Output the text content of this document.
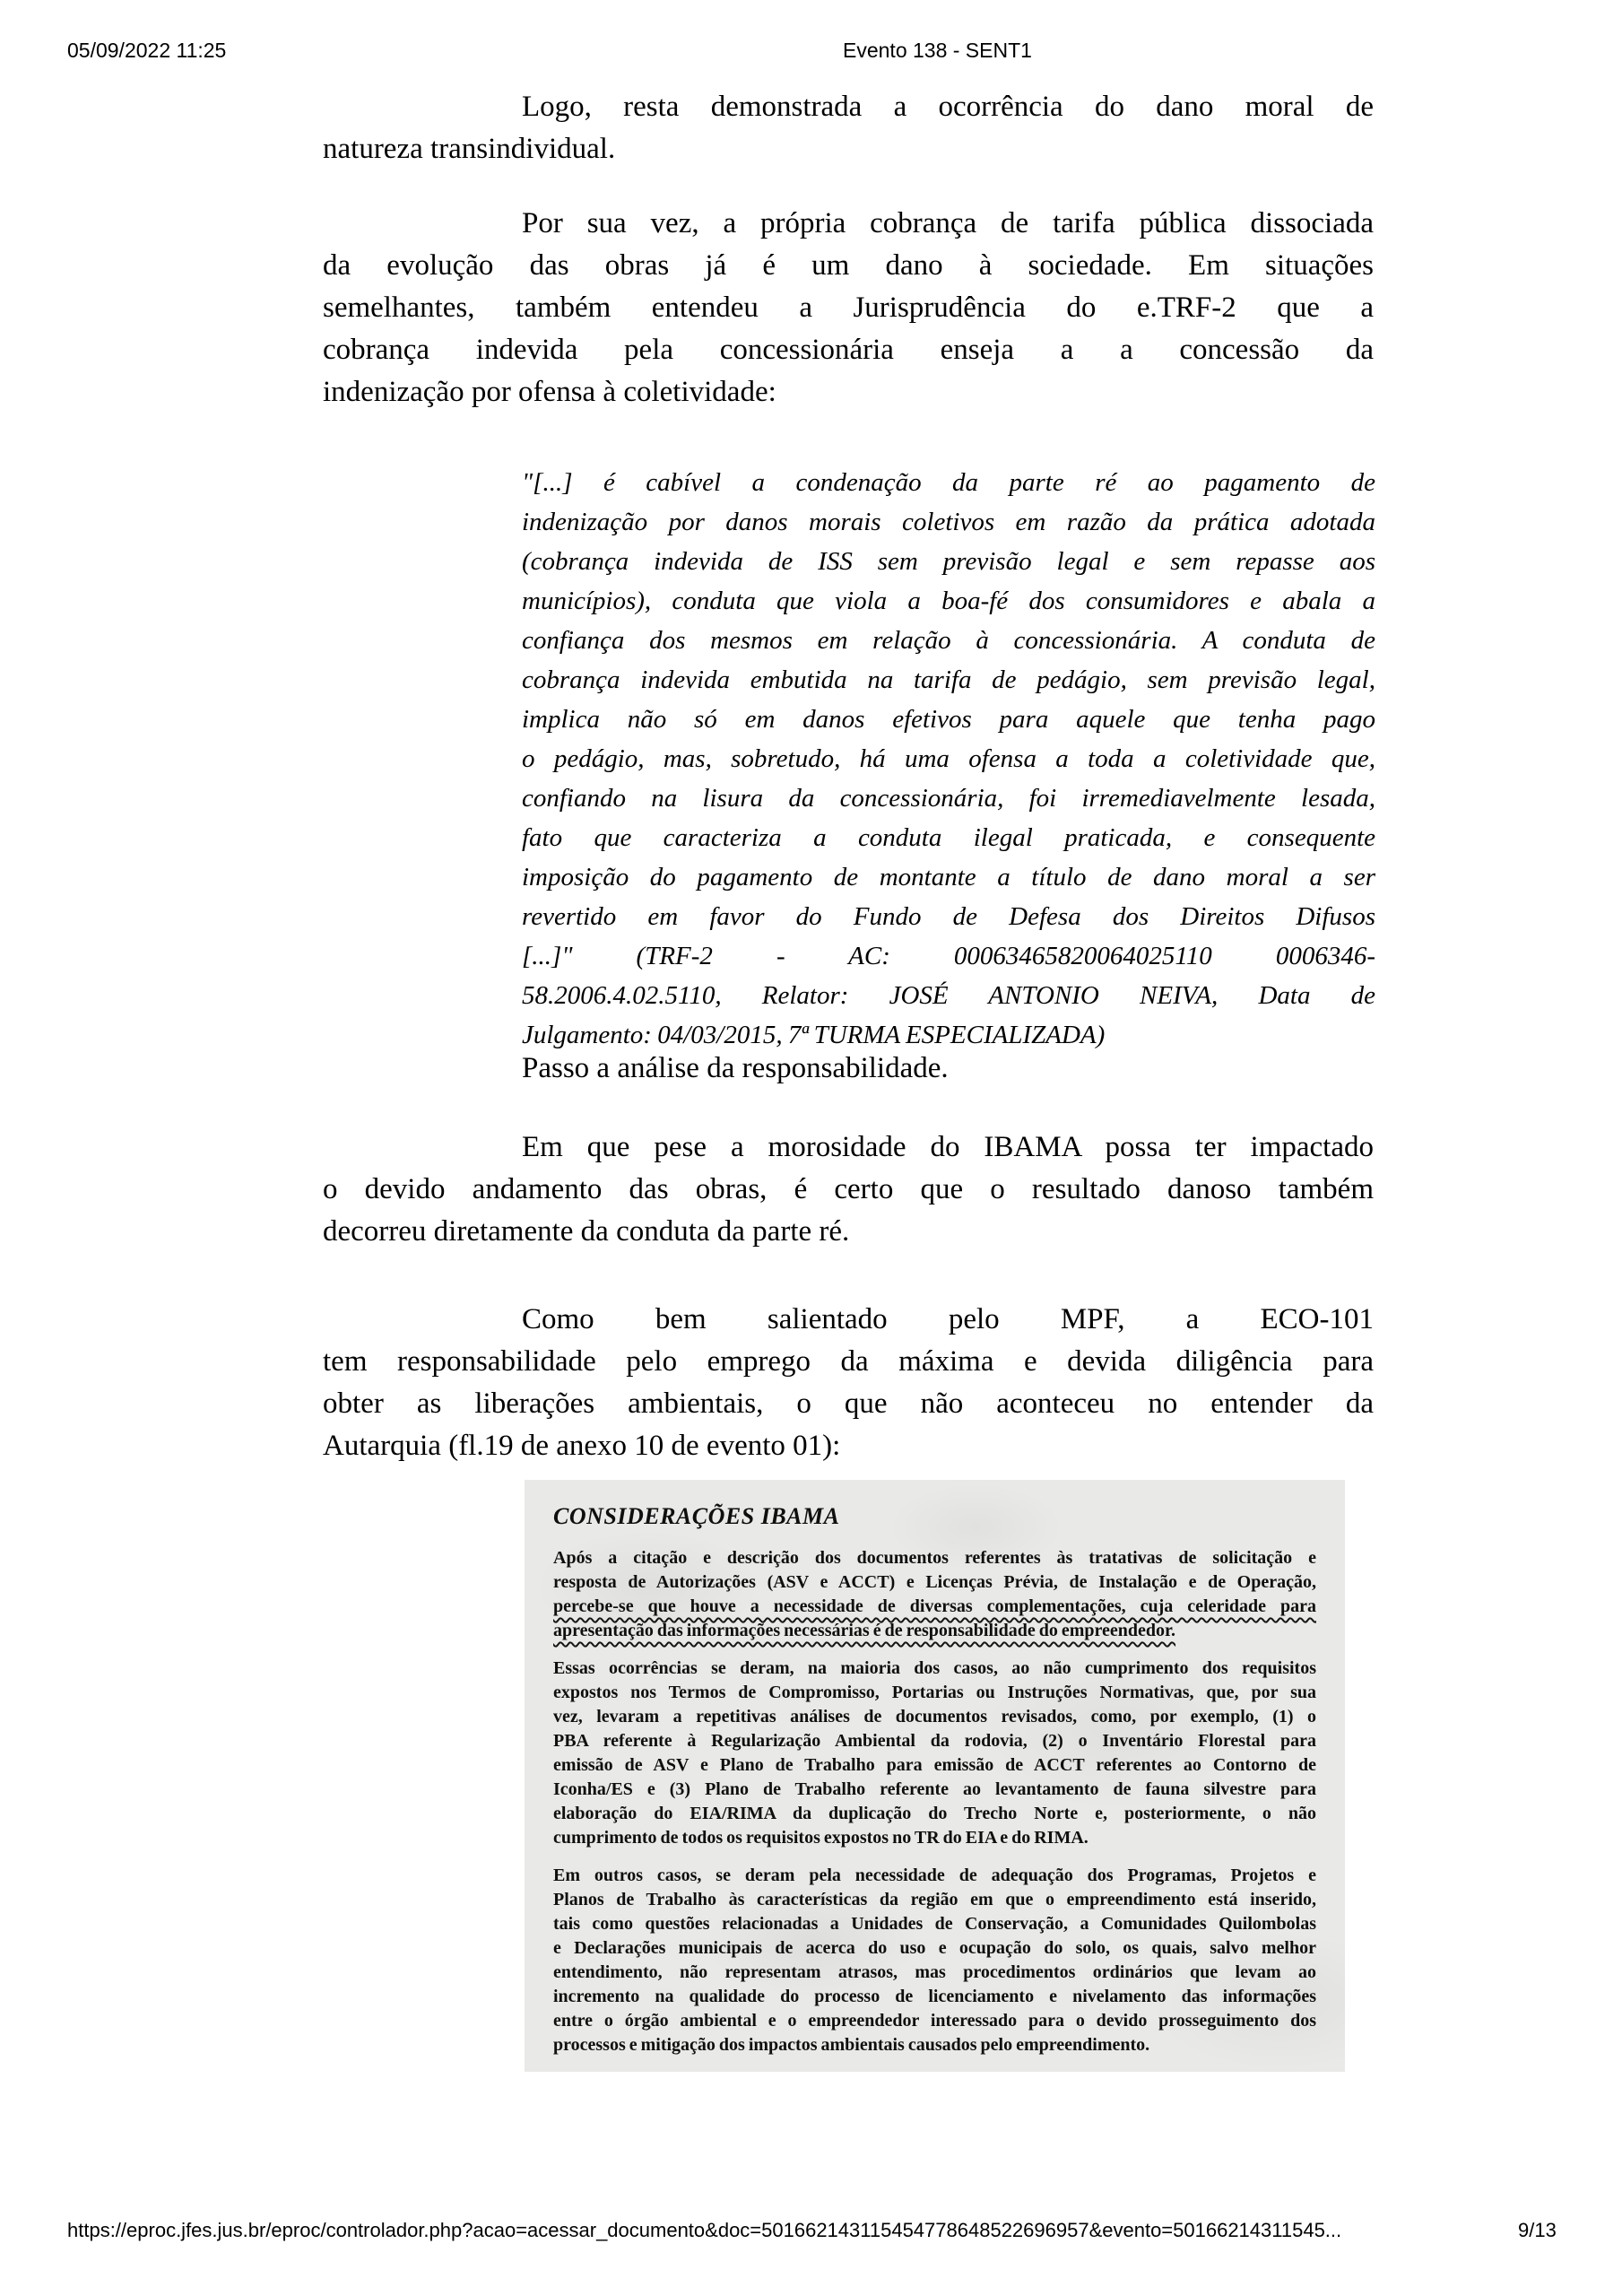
05/09/2022 11:25	Evento 138 - SENT1
Logo, resta demonstrada a ocorrência do dano moral de
natureza transindividual.
Por sua vez, a própria cobrança de tarifa pública dissociada
da evolução das obras já é um dano à sociedade. Em situações
semelhantes, também entendeu a Jurisprudência do e.TRF-2 que a
cobrança indevida pela concessionária enseja a a concessão da
indenização por ofensa à coletividade:
"[...] é cabível a condenação da parte ré ao pagamento de
indenização por danos morais coletivos em razão da prática adotada
(cobrança indevida de ISS sem previsão legal e sem repasse aos
municípios), conduta que viola a boa-fé dos consumidores e abala a
confiança dos mesmos em relação à concessionária. A conduta de
cobrança indevida embutida na tarifa de pedágio, sem previsão legal,
implica não só em danos efetivos para aquele que tenha pago
o pedágio, mas, sobretudo, há uma ofensa a toda a coletividade que,
confiando na lisura da concessionária, foi irremediavelmente lesada,
fato que caracteriza a conduta ilegal praticada, e consequente
imposição do pagamento de montante a título de dano moral a ser
revertido em favor do Fundo de Defesa dos Direitos Difusos
[...]" (TRF-2 - AC: 00063465820064025110 0006346-
58.2006.4.02.5110, Relator: JOSÉ ANTONIO NEIVA, Data de
Julgamento: 04/03/2015, 7ª TURMA ESPECIALIZADA)
Passo a análise da responsabilidade.
Em que pese a morosidade do IBAMA possa ter impactado
o devido andamento das obras, é certo que o resultado danoso também
decorreu diretamente da conduta da parte ré.
Como bem salientado pelo MPF, a ECO-101
tem responsabilidade pelo emprego da máxima e devida diligência para
obter as liberações ambientais, o que não aconteceu no entender da
Autarquia (fl.19 de anexo 10 de evento 01):
CONSIDERAÇÕES IBAMA
Após a citação e descrição dos documentos referentes às tratativas de solicitação e
resposta de Autorizações (ASV e ACCT) e Licenças Prévia, de Instalação e de Operação,
percebe-se que houve a necessidade de diversas complementações, cuja celeridade para
apresentação das informações necessárias é de responsabilidade do empreendedor.
Essas ocorrências se deram, na maioria dos casos, ao não cumprimento dos requisitos
expostos nos Termos de Compromisso, Portarias ou Instruções Normativas, que, por sua
vez, levaram a repetitivas análises de documentos revisados, como, por exemplo, (1) o
PBA referente à Regularização Ambiental da rodovia, (2) o Inventário Florestal para
emissão de ASV e Plano de Trabalho para emissão de ACCT referentes ao Contorno de
Iconha/ES e (3) Plano de Trabalho referente ao levantamento de fauna silvestre para
elaboração do EIA/RIMA da duplicação do Trecho Norte e, posteriormente, o não
cumprimento de todos os requisitos expostos no TR do EIA e do RIMA.
Em outros casos, se deram pela necessidade de adequação dos Programas, Projetos e
Planos de Trabalho às características da região em que o empreendimento está inserido,
tais como questões relacionadas a Unidades de Conservação, a Comunidades Quilombolas
e Declarações municipais de acerca do uso e ocupação do solo, os quais, salvo melhor
entendimento, não representam atrasos, mas procedimentos ordinários que levam ao
incremento na qualidade do processo de licenciamento e nivelamento das informações
entre o órgão ambiental e o empreendedor interessado para o devido prosseguimento dos
processos e mitigação dos impactos ambientais causados pelo empreendimento.
https://eproc.jfes.jus.br/eproc/controlador.php?acao=acessar_documento&doc=501662143115454778648522696957&evento=50166214311545...	9/13
